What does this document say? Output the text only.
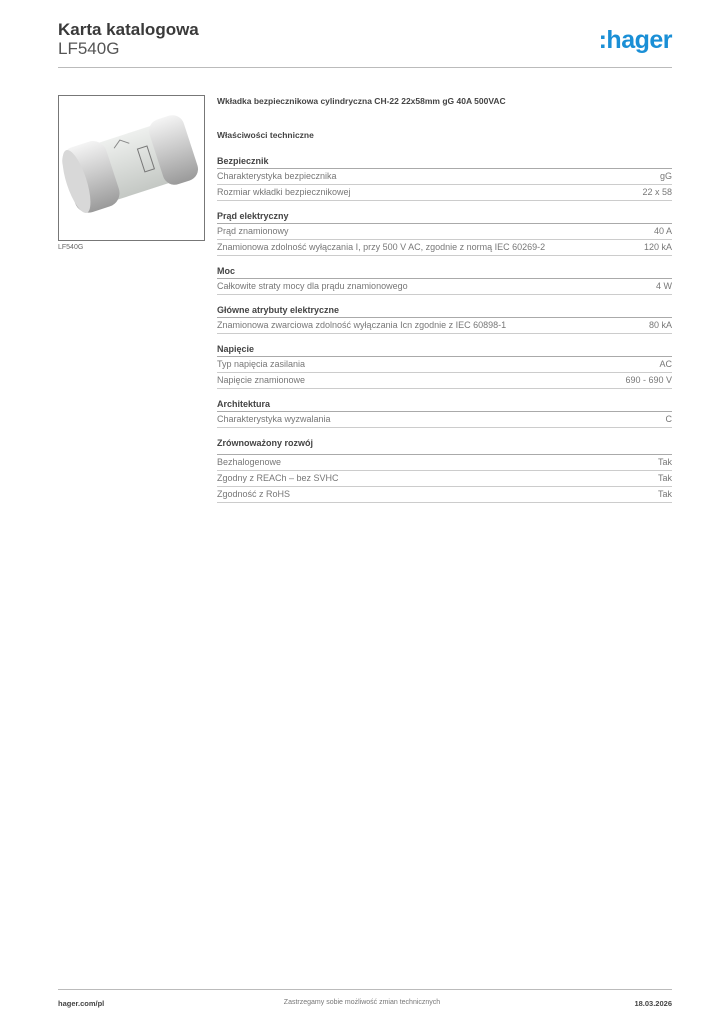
Karta katalogowa
LF540G	:hager
LF540G
Wkładka bezpiecznikowa cylindryczna CH-22 22x58mm gG 40A 500VAC
Właściwości techniczne
Bezpiecznik
Charakterystyka bezpiecznika	gG
Rozmiar wkładki bezpiecznikowej	22 x 58
Prąd elektryczny
Prąd znamionowy	40 A
Znamionowa zdolność wyłączania I, przy 500 V AC, zgodnie z normą IEC 60269-2	120 kA
Moc
Całkowite straty mocy dla prądu znamionowego	4 W
Główne atrybuty elektryczne
Znamionowa zwarciowa zdolność wyłączania Icn zgodnie z IEC 60898-1	80 kA
Napięcie
Typ napięcia zasilania	AC
Napięcie znamionowe	690 - 690 V
Architektura
Charakterystyka wyzwalania	C
Zrównoważony rozwój
Bezhalogenowe	Tak
Zgodny z REACh – bez SVHC	Tak
Zgodność z RoHS	Tak
hager.com/pl	Zastrzegamy sobie możliwość zmian technicznych	18.03.2026
